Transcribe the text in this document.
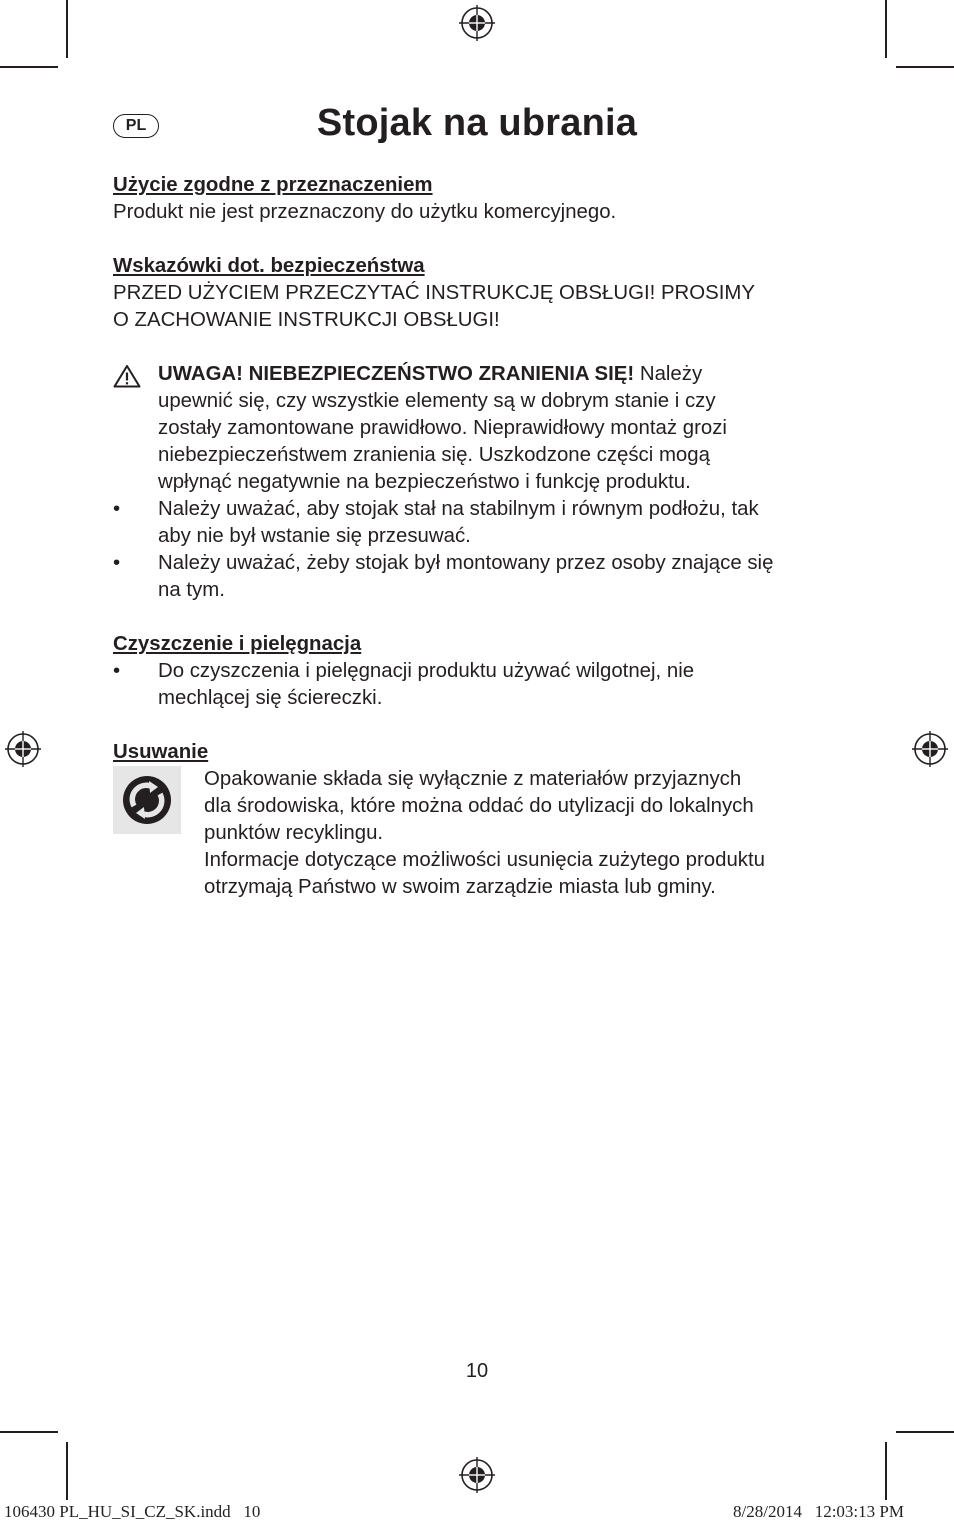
PL	Stojak na ubrania
Użycie zgodne z przeznaczeniem
Produkt nie jest przeznaczony do użytku komercyjnego.
Wskazówki dot. bezpieczeństwa
PRZED UŻYCIEM PRZECZYTAĆ INSTRUKCJĘ OBSŁUGI! PROSIMY
O ZACHOWANIE INSTRUKCJI OBSŁUGI!
UWAGA! NIEBEZPIECZEŃSTWO ZRANIENIA SIĘ! Należy
upewnić się, czy wszystkie elementy są w dobrym stanie i czy
zostały zamontowane prawidłowo. Nieprawidłowy montaż grozi
niebezpieczeństwem zranienia się. Uszkodzone części mogą
wpłynąć negatywnie na bezpieczeństwo i funkcję produktu.
• Należy uważać, aby stojak stał na stabilnym i równym podłożu, tak
aby nie był wstanie się przesuwać.
• Należy uważać, żeby stojak był montowany przez osoby znające się
na tym.
Czyszczenie i pielęgnacja
• Do czyszczenia i pielęgnacji produktu używać wilgotnej, nie
mechlącej się ściereczki.
Usuwanie
Opakowanie składa się wyłącznie z materiałów przyjaznych
dla środowiska, które można oddać do utylizacji do lokalnych
punktów recyklingu.
Informacje dotyczące możliwości usunięcia zużytego produktu
otrzymają Państwo w swoim zarządzie miasta lub gminy.
10
106430 PL_HU_SI_CZ_SK.indd   10	8/28/2014   12:03:13 PM
